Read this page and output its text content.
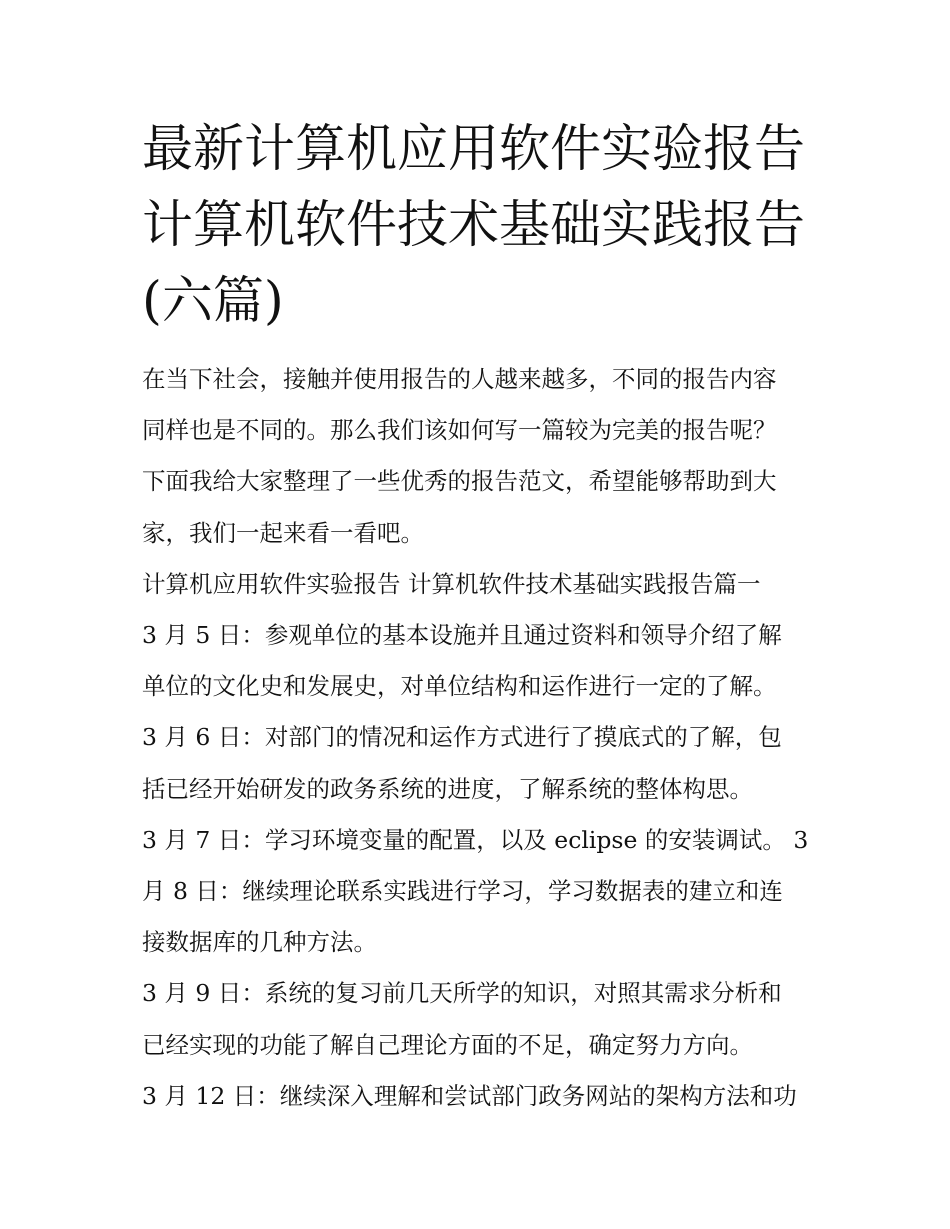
最新计算机应用软件实验报告
计算机软件技术基础实践报告
(六篇)

在当下社会，接触并使用报告的人越来越多，不同的报告内容
同样也是不同的。那么我们该如何写一篇较为完美的报告呢？
下面我给大家整理了一些优秀的报告范文，希望能够帮助到大
家，我们一起来看一看吧。

计算机应用软件实验报告 计算机软件技术基础实践报告篇一

3 月 5 日：参观单位的基本设施并且通过资料和领导介绍了解
单位的文化史和发展史，对单位结构和运作进行一定的了解。

3 月 6 日：对部门的情况和运作方式进行了摸底式的了解，包
括已经开始研发的政务系统的进度，了解系统的整体构思。

3 月 7 日：学习环境变量的配置，以及 eclipse 的安装调试。 3
月 8 日：继续理论联系实践进行学习，学习数据表的建立和连
接数据库的几种方法。

3 月 9 日：系统的复习前几天所学的知识，对照其需求分析和
已经实现的功能了解自己理论方面的不足，确定努力方向。

3 月 12 日：继续深入理解和尝试部门政务网站的架构方法和功
